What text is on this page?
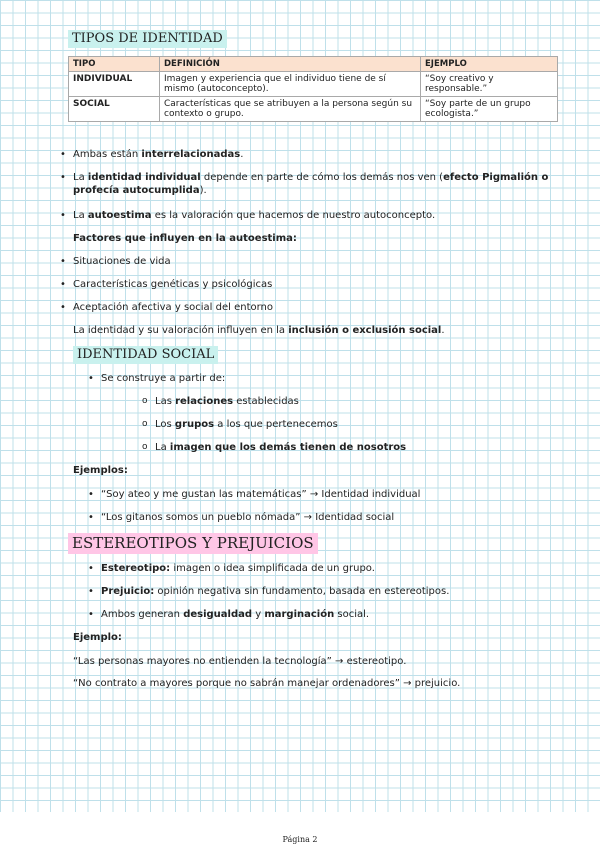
TIPOS DE IDENTIDAD
TIPO	DEFINICIÓN	EJEMPLO
INDIVIDUAL	Imagen y experiencia que el individuo tiene de sí mismo (autoconcepto).	“Soy creativo y responsable.”
SOCIAL	Características que se atribuyen a la persona según su contexto o grupo.	“Soy parte de un grupo ecologista.”
• Ambas están interrelacionadas.
• La identidad individual depende en parte de cómo los demás nos ven (efecto Pigmalión o
profecía autocumplida).
• La autoestima es la valoración que hacemos de nuestro autoconcepto.
Factores que influyen en la autoestima:
• Situaciones de vida
• Características genéticas y psicológicas
• Aceptación afectiva y social del entorno
La identidad y su valoración influyen en la inclusión o exclusión social.
IDENTIDAD SOCIAL
• Se construye a partir de:
o Las relaciones establecidas
o Los grupos a los que pertenecemos
o La imagen que los demás tienen de nosotros
Ejemplos:
• “Soy ateo y me gustan las matemáticas” → Identidad individual
• “Los gitanos somos un pueblo nómada” → Identidad social
ESTEREOTIPOS Y PREJUICIOS
• Estereotipo: imagen o idea simplificada de un grupo.
• Prejuicio: opinión negativa sin fundamento, basada en estereotipos.
• Ambos generan desigualdad y marginación social.
Ejemplo:
“Las personas mayores no entienden la tecnología” → estereotipo.
“No contrato a mayores porque no sabrán manejar ordenadores” → prejuicio.
Página 2
